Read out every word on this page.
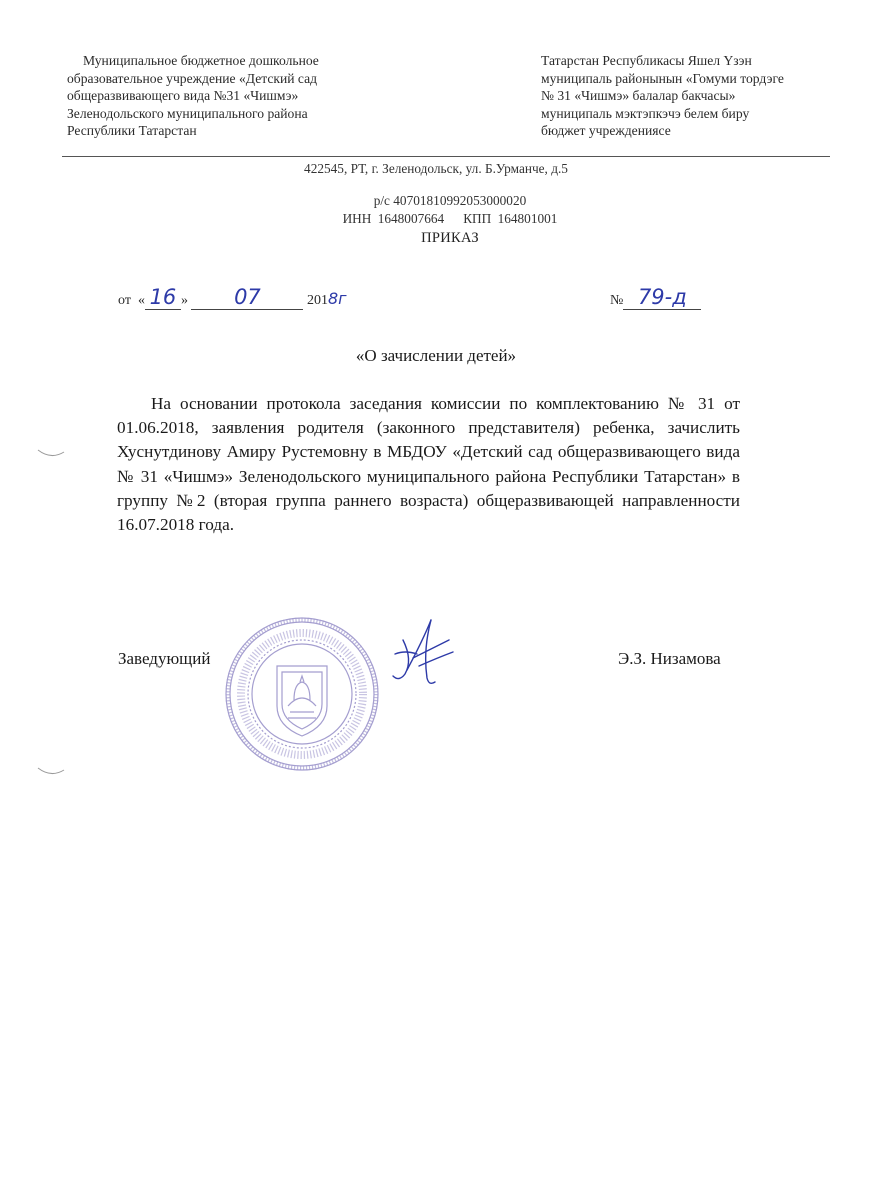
Муниципальное бюджетное дошкольное
образовательное учреждение «Детский сад
общеразвивающего вида №31 «Чишмэ»
Зеленодольского муниципального района
Республики Татарстан
Татарстан Республикасы Яшел Үзэн
муниципаль районынын «Гомуми тордэге
№ 31 «Чишмэ» балалар бакчасы»
муниципаль мэктэпкэчэ белем биру
бюджет учреждениясе
422545, РТ, г. Зеленодольск, ул. Б.Урманче, д.5
р/с 40701810992053000020
ИНН 1648007664 КПП 164801001
ПРИКАЗ
от « 16 » 07	2018г	№ 79-д
«О зачислении детей»
На основании протокола заседания комиссии по комплектованию № 31 от 01.06.2018, заявления родителя (законного представителя) ребенка, зачислить Хуснутдинову Амиру Рустемовну в МБДОУ «Детский сад общеразвивающего вида № 31 «Чишмэ» Зеленодольского муниципального района Республики Татарстан» в группу №2 (вторая группа раннего возраста) общеразвивающей направленности 16.07.2018 года.
Заведующий	Э.З. Низамова
